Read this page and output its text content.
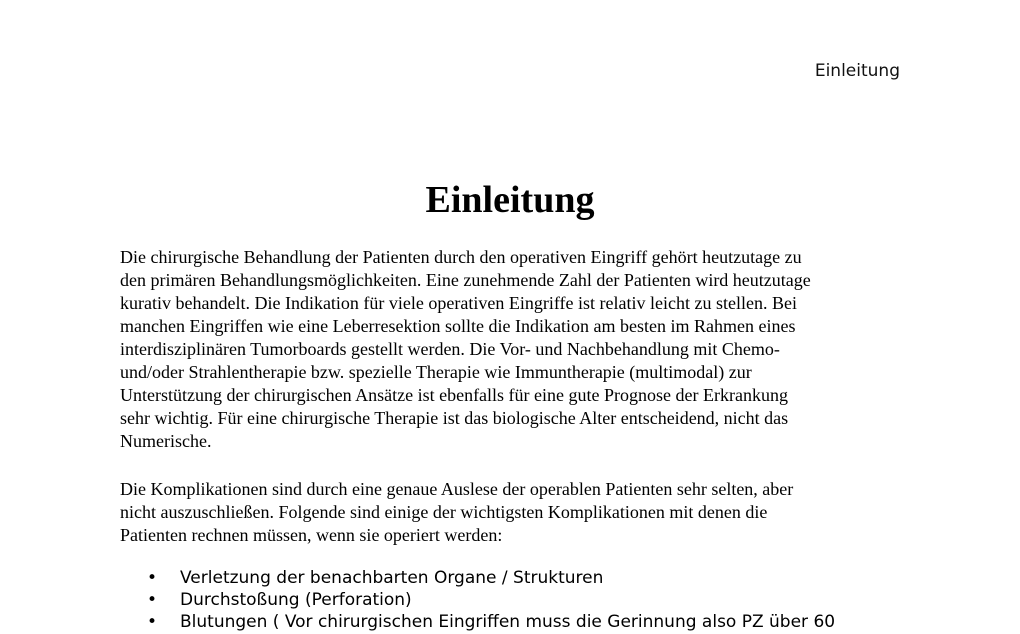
Einleitung
Einleitung

Die chirurgische Behandlung der Patienten durch den operativen Eingriff gehört heutzutage zu
den primären Behandlungsmöglichkeiten. Eine zunehmende Zahl der Patienten wird heutzutage
kurativ behandelt. Die Indikation für viele operativen Eingriffe ist relativ leicht zu stellen. Bei
manchen Eingriffen wie eine Leberresektion sollte die Indikation am besten im Rahmen eines
interdisziplinären Tumorboards gestellt werden. Die Vor- und Nachbehandlung mit Chemo-
und/oder Strahlentherapie bzw. spezielle Therapie wie Immuntherapie (multimodal) zur
Unterstützung der chirurgischen Ansätze ist ebenfalls für eine gute Prognose der Erkrankung
sehr wichtig. Für eine chirurgische Therapie ist das biologische Alter entscheidend, nicht das
Numerische.

Die Komplikationen sind durch eine genaue Auslese der operablen Patienten sehr selten, aber
nicht auszuschließen. Folgende sind einige der wichtigsten Komplikationen mit denen die
Patienten rechnen müssen, wenn sie operiert werden:

• Verletzung der benachbarten Organe / Strukturen
• Durchstoßung (Perforation)
• Blutungen ( Vor chirurgischen Eingriffen muss die Gerinnung also PZ über 60
